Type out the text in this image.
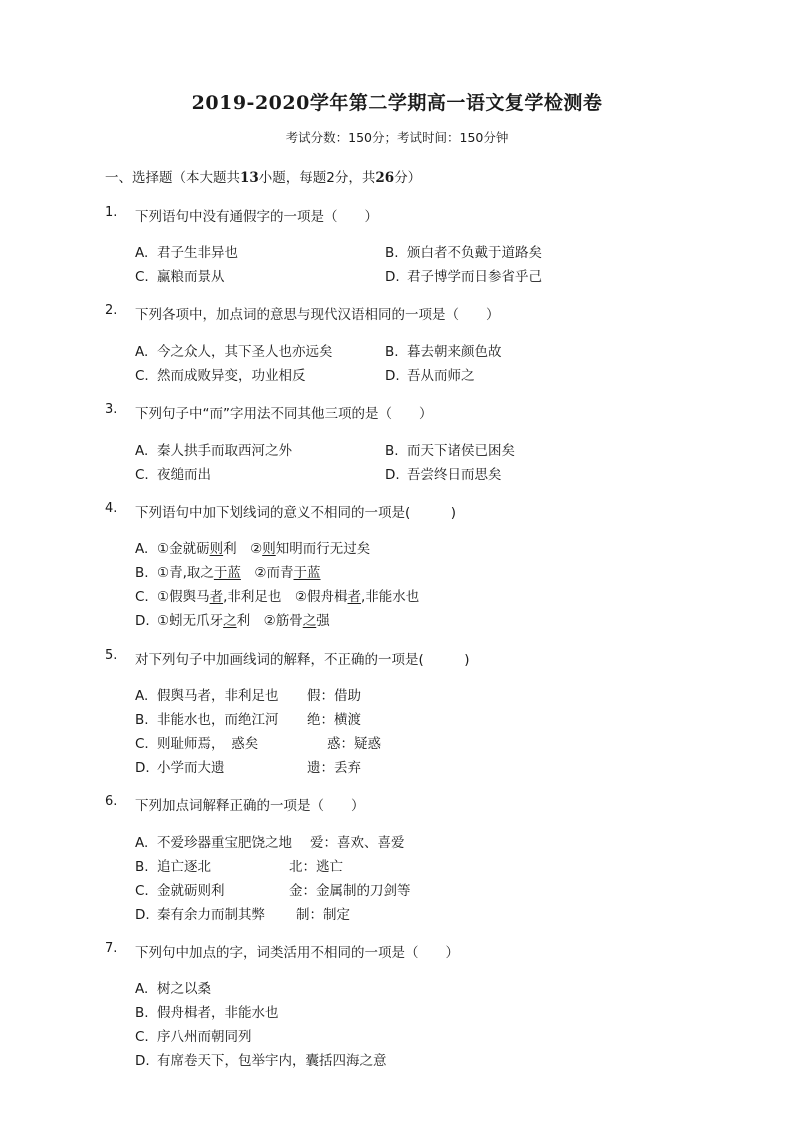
2019-2020学年第二学期高一语文复学检测卷
考试分数：150分；考试时间：150分钟
一、选择题（本大题共13小题，每题2分，共26分）
1. 下列语句中没有通假字的一项是（　　）
A. 君子生非异也	B. 颁白者不负戴于道路矣
C. 赢粮而景从	D. 君子博学而日参省乎己
2. 下列各项中，加点词的意思与现代汉语相同的一项是（　　）
A. 今之众人，其下圣人也亦远矣	B. 暮去朝来颜色故
C. 然而成败异变，功业相反	D. 吾从而师之
3. 下列句子中“而”字用法不同其他三项的是（　　）
A. 秦人拱手而取西河之外	B. 而天下诸侯已困矣
C. 夜缒而出	D. 吾尝终日而思矣
4. 下列语句中加下划线词的意义不相同的一项是(　　　)
A. ①金就砺则利　②则知明而行无过矣
B. ①青,取之于蓝　②而青于蓝
C. ①假舆马者,非利足也　②假舟楫者,非能水也
D. ①蚓无爪牙之利　②筋骨之强
5. 对下列句子中加画线词的解释，不正确的一项是(　　　)
A. 假舆马者，非利足也 假：借助
B. 非能水也，而绝江河 绝：横渡
C. 则耻师焉，　惑矣	惑：疑惑
D. 小学而大遗	遗：丢弃
6. 下列加点词解释正确的一项是（　　）
A. 不爱珍器重宝肥饶之地 爱：喜欢、喜爱
B. 追亡逐北	北：逃亡
C. 金就砺则利	金：金属制的刀剑等
D. 秦有余力而制其弊 制：制定
7. 下列句中加点的字，词类活用不相同的一项是（　　）
A. 树之以桑
B. 假舟楫者，非能水也
C. 序八州而朝同列
D. 有席卷天下，包举宇内，囊括四海之意
